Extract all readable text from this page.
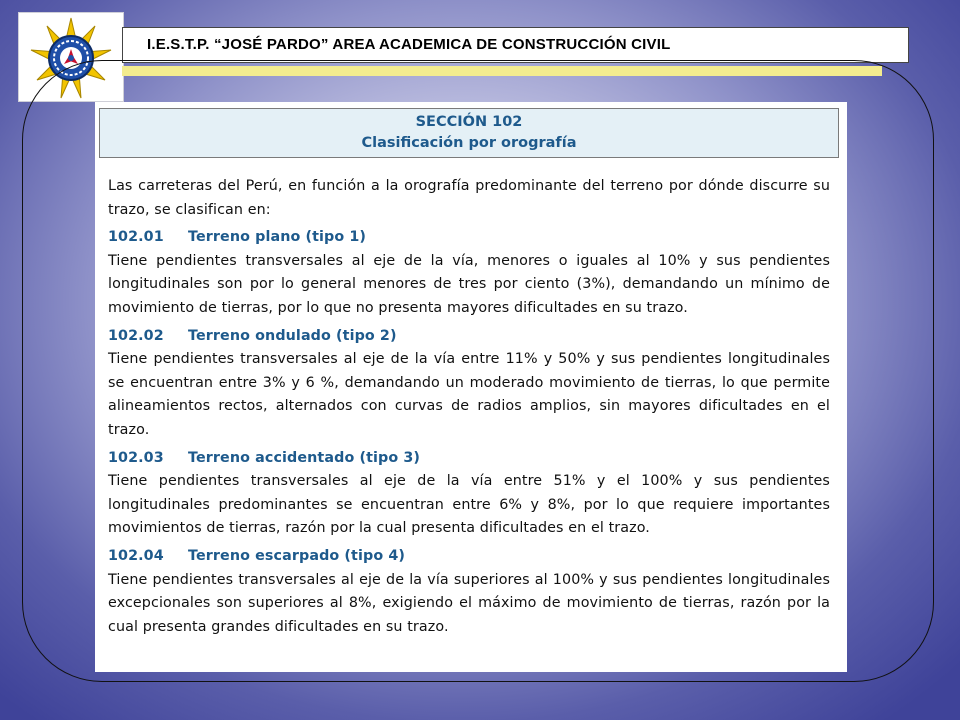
I.E.S.T.P. “JOSÉ PARDO” AREA ACADEMICA DE CONSTRUCCIÓN CIVIL
SECCIÓN 102
Clasificación por orografía

Las carreteras del Perú, en función a la orografía predominante del terreno por dónde discurre su trazo, se clasifican en:

102.01 Terreno plano (tipo 1)

Tiene pendientes transversales al eje de la vía, menores o iguales al 10% y sus pendientes longitudinales son por lo general menores de tres por ciento (3%), demandando un mínimo de movimiento de tierras, por lo que no presenta mayores dificultades en su trazo.

102.02 Terreno ondulado (tipo 2)

Tiene pendientes transversales al eje de la vía entre 11% y 50% y sus pendientes longitudinales se encuentran entre 3% y 6 %, demandando un moderado movimiento de tierras, lo que permite alineamientos rectos, alternados con curvas de radios amplios, sin mayores dificultades en el trazo.

102.03 Terreno accidentado (tipo 3)

Tiene pendientes transversales al eje de la vía entre 51% y el 100% y sus pendientes longitudinales predominantes se encuentran entre 6% y 8%, por lo que requiere importantes movimientos de tierras, razón por la cual presenta dificultades en el trazo.

102.04 Terreno escarpado (tipo 4)

Tiene pendientes transversales al eje de la vía superiores al 100% y sus pendientes longitudinales excepcionales son superiores al 8%, exigiendo el máximo de movimiento de tierras, razón por la cual presenta grandes dificultades en su trazo.
